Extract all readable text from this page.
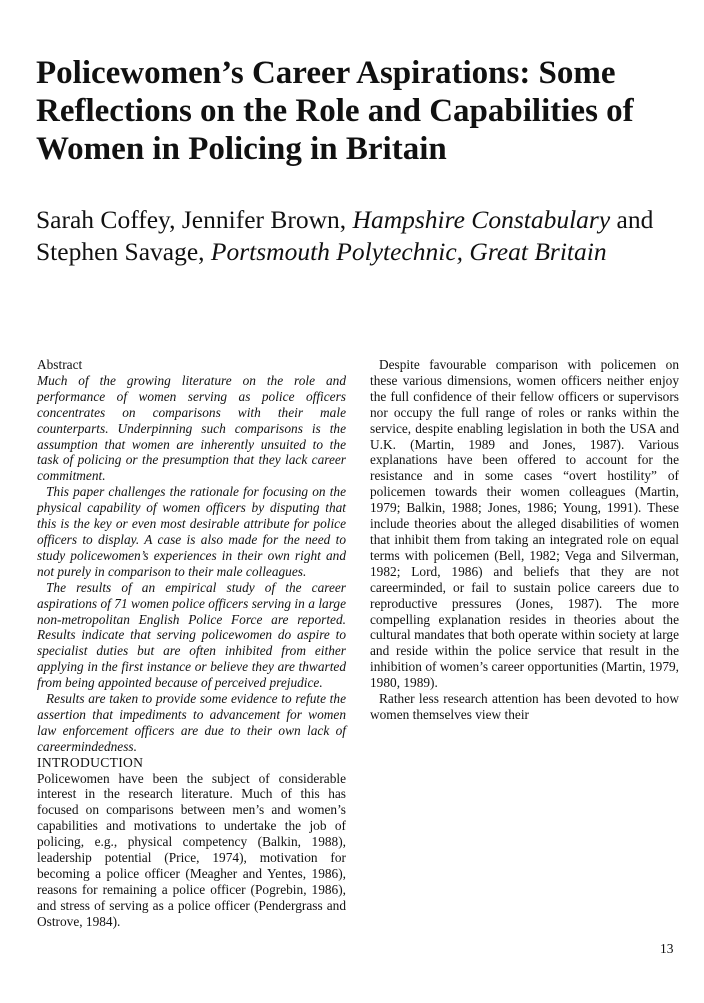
Policewomen’s Career Aspirations: Some Reflections on the Role and Capabilities of Women in Policing in Britain

Sarah Coffey, Jennifer Brown, Hampshire Constabulary and Stephen Savage, Portsmouth Polytechnic, Great Britain

Abstract

Much of the growing literature on the role and performance of women serving as police officers concentrates on comparisons with their male counterparts. Underpinning such comparisons is the assumption that women are inherently unsuited to the task of policing or the presumption that they lack career commitment.

This paper challenges the rationale for focusing on the physical capability of women officers by disputing that this is the key or even most desirable attribute for police officers to display. A case is also made for the need to study policewomen’s experiences in their own right and not purely in comparison to their male colleagues.

The results of an empirical study of the career aspirations of 71 women police officers serving in a large non-metropolitan English Police Force are reported. Results indicate that serving policewomen do aspire to specialist duties but are often inhibited from either applying in the first instance or believe they are thwarted from being appointed because of perceived prejudice.

Results are taken to provide some evidence to refute the assertion that impediments to advancement for women law enforcement officers are due to their own lack of careermindedness.

INTRODUCTION

Policewomen have been the subject of considerable interest in the research literature. Much of this has focused on comparisons between men’s and women’s capabilities and motivations to undertake the job of policing, e.g., physical competency (Balkin, 1988), leadership potential (Price, 1974), motivation for becoming a police officer (Meagher and Yentes, 1986), reasons for remaining a police officer (Pogrebin, 1986), and stress of serving as a police officer (Pendergrass and Ostrove, 1984).

Despite favourable comparison with policemen on these various dimensions, women officers neither enjoy the full confidence of their fellow officers or supervisors nor occupy the full range of roles or ranks within the service, despite enabling legislation in both the USA and U.K. (Martin, 1989 and Jones, 1987). Various explanations have been offered to account for the resistance and in some cases “overt hostility” of policemen towards their women colleagues (Martin, 1979; Balkin, 1988; Jones, 1986; Young, 1991). These include theories about the alleged disabilities of women that inhibit them from taking an integrated role on equal terms with policemen (Bell, 1982; Vega and Silverman, 1982; Lord, 1986) and beliefs that they are not careerminded, or fail to sustain police careers due to reproductive pressures (Jones, 1987). The more compelling explanation resides in theories about the cultural mandates that both operate within society at large and reside within the police service that result in the inhibition of women’s career opportunities (Martin, 1979, 1980, 1989).

Rather less research attention has been devoted to how women themselves view their

13
